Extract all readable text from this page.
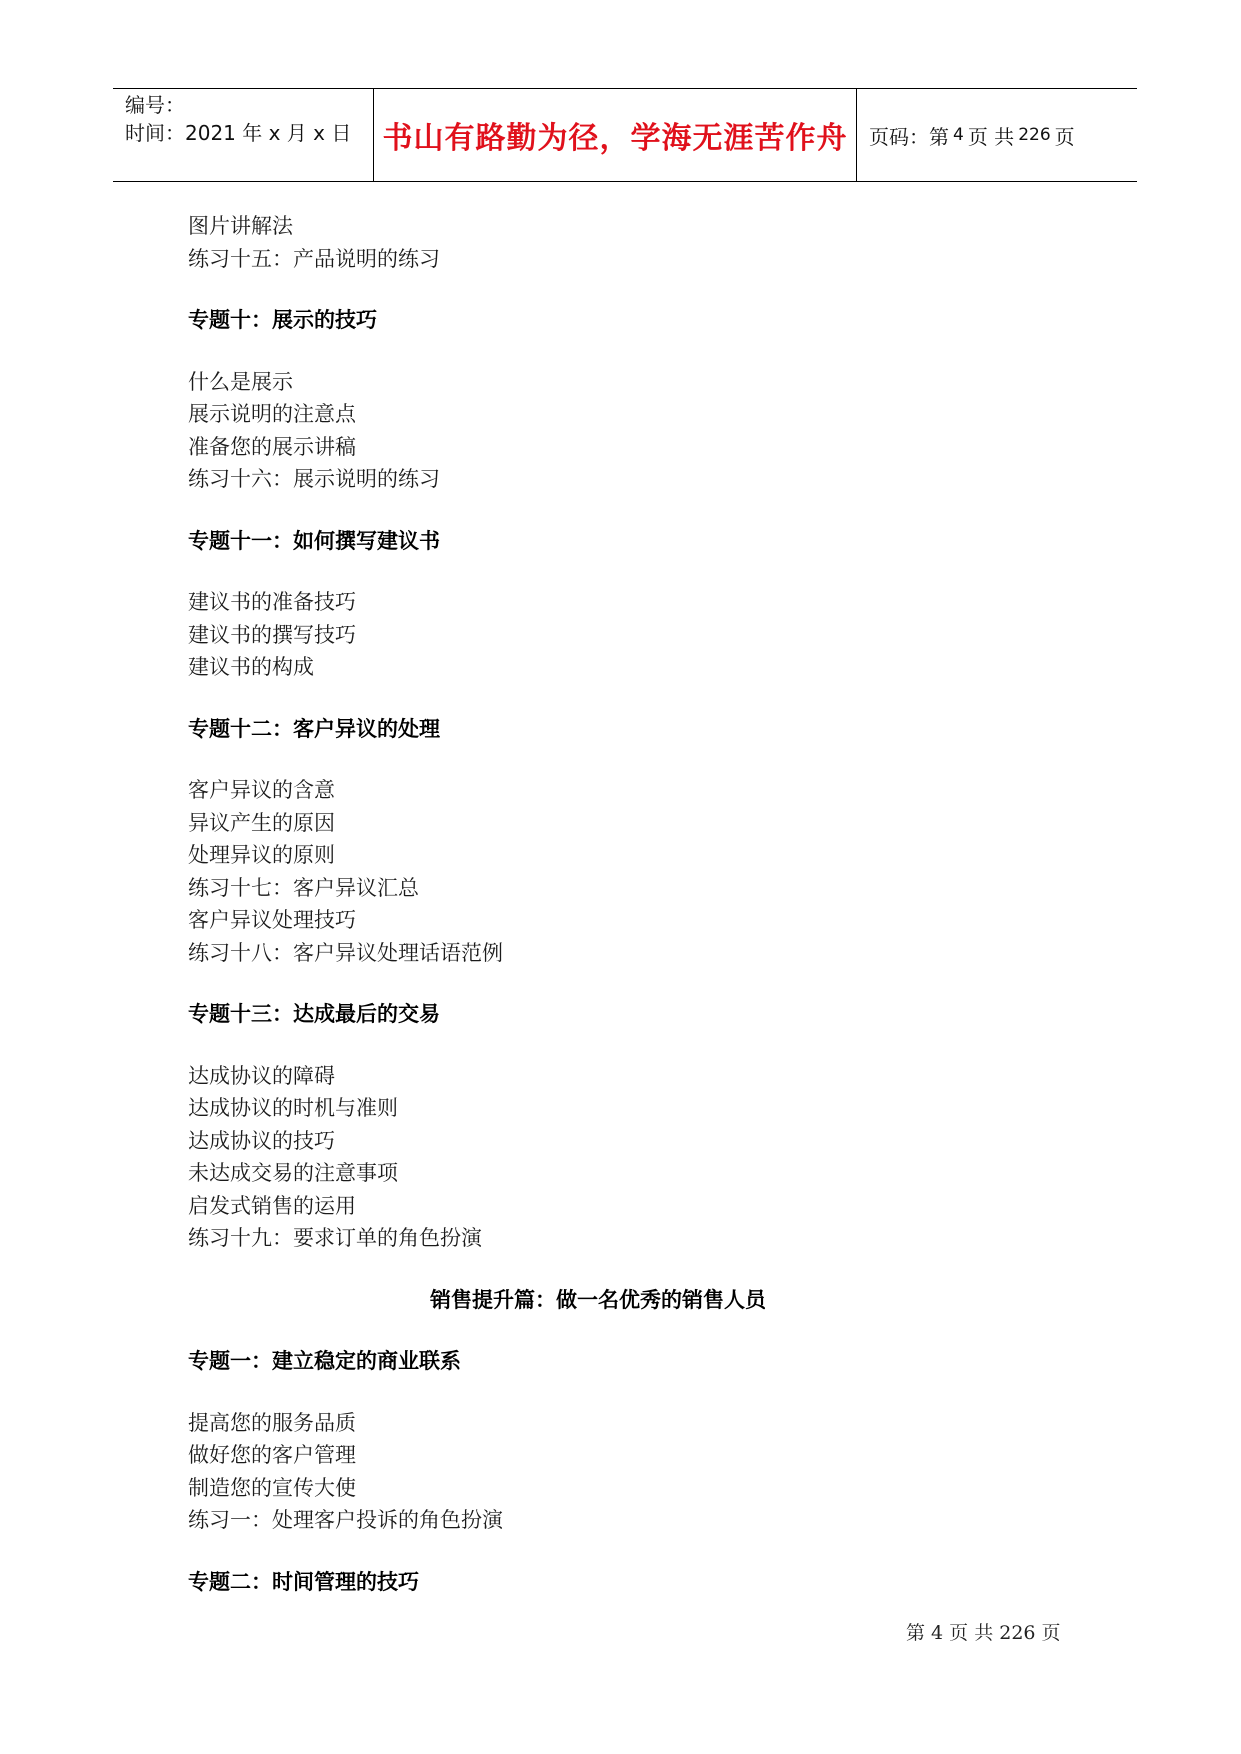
编号：
时间：2021 年 x 月 x 日	书山有路勤为径，学海无涯苦作舟 页码：第 4 页 共 226 页
图片讲解法
练习十五：产品说明的练习
专题十：展示的技巧
什么是展示
展示说明的注意点
准备您的展示讲稿
练习十六：展示说明的练习
专题十一：如何撰写建议书
建议书的准备技巧
建议书的撰写技巧
建议书的构成
专题十二：客户异议的处理
客户异议的含意
异议产生的原因
处理异议的原则
练习十七：客户异议汇总
客户异议处理技巧
练习十八：客户异议处理话语范例
专题十三：达成最后的交易
达成协议的障碍
达成协议的时机与准则
达成协议的技巧
未达成交易的注意事项
启发式销售的运用
练习十九：要求订单的角色扮演
销售提升篇：做一名优秀的销售人员
专题一：建立稳定的商业联系
提高您的服务品质
做好您的客户管理
制造您的宣传大使
练习一：处理客户投诉的角色扮演
专题二：时间管理的技巧
第 4 页 共 226 页
